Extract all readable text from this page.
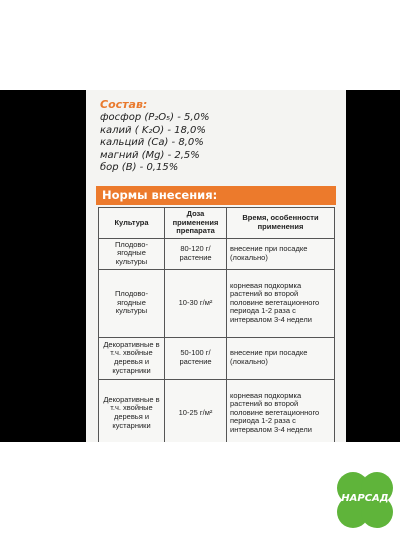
Состав:
фосфор (P₂O₅) - 5,0%
калий ( K₂O) - 18,0%
кальций (Ca) - 8,0%
магний (Mg) - 2,5%
бор (B) - 0,15%
Нормы внесения:
Культура	Доза применения препарата	Время, особенности применения
Плодово-ягодные культуры	80-120 г/растение	внесение при посадке (локально)
Плодово-ягодные культуры	10-30 г/м²	корневая подкормка растений во второй половине вегетационного периода 1-2 раза с интервалом 3-4 недели
Декоративные в т.ч. хвойные деревья и кустарники	50-100 г/растение	внесение при посадке (локально)
Декоративные в т.ч. хвойные деревья и кустарники	10-25 г/м²	корневая подкормка растений во второй половине вегетационного периода 1-2 раза с интервалом 3-4 недели
НАРСАД
